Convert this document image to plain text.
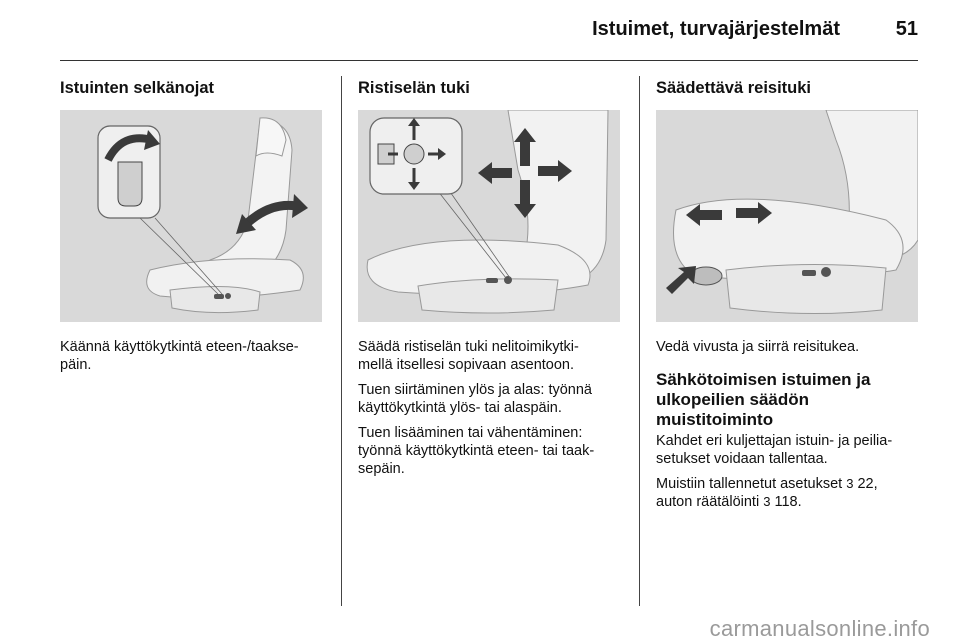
Istuimet, turvajärjestelmät	51
Istuinten selkänojat

Käännä käyttökytkintä eteen-/taakse-
päin.

Ristiselän tuki

Säädä ristiselän tuki nelitoimikytki-
mellä itsellesi sopivaan asentoon.

Tuen siirtäminen ylös ja alas: työnnä
käyttökytkintä ylös- tai alaspäin.

Tuen lisääminen tai vähentäminen:
työnnä käyttökytkintä eteen- tai taak-
sepäin.

Säädettävä reisituki

Vedä vivusta ja siirrä reisitukea.

Sähkötoimisen istuimen ja
ulkopeilien säädön
muistitoiminto

Kahdet eri kuljettajan istuin- ja peilia-
setukset voidaan tallentaa.

Muistiin tallennetut asetukset 3 22,
auton räätälöinti 3 118.

carmanualsonline.info
